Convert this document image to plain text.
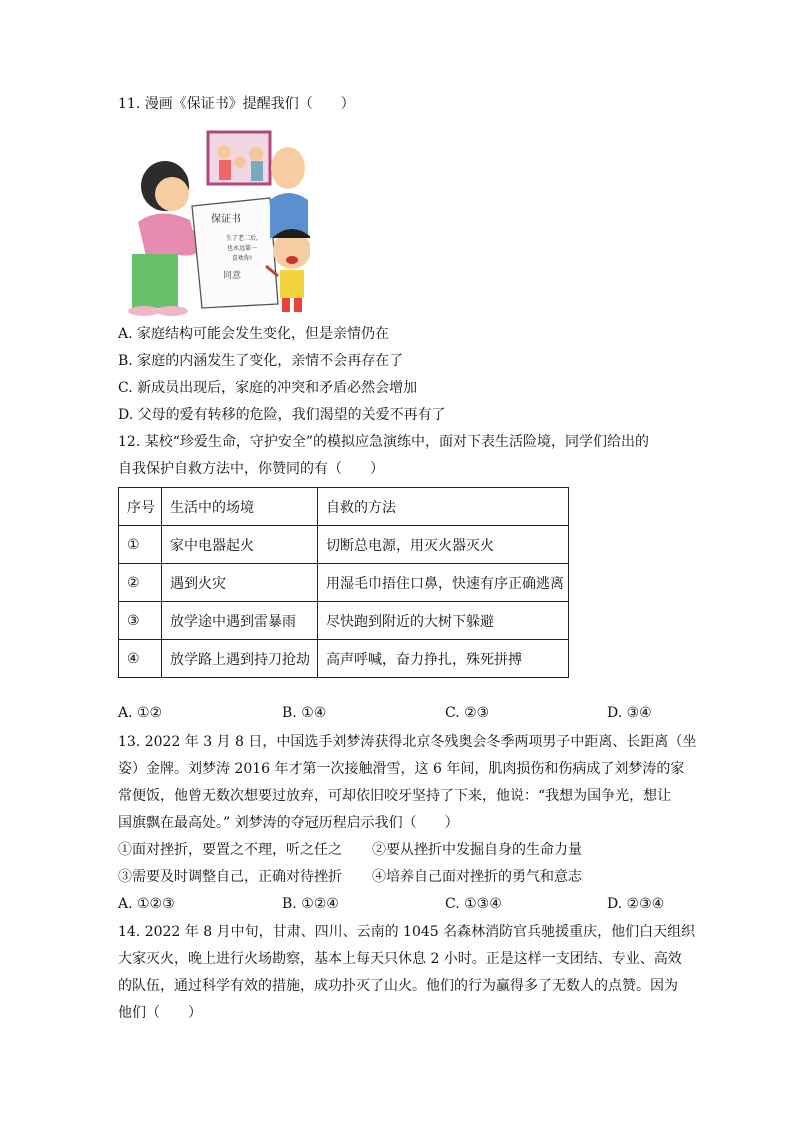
11. 漫画《保证书》提醒我们（　　）
保证书
生了老二后,
也永远第一
喜欢你!
同意
A. 家庭结构可能会发生变化，但是亲情仍在
B. 家庭的内涵发生了变化，亲情不会再存在了
C. 新成员出现后，家庭的冲突和矛盾必然会增加
D. 父母的爱有转移的危险，我们渴望的关爱不再有了
12. 某校“珍爱生命，守护安全”的模拟应急演练中，面对下表生活险境，同学们给出的
自我保护自救方法中，你赞同的有（　　）
序号	生活中的场境	自救的方法
①	家中电器起火	切断总电源，用灭火器灭火
②	遇到火灾	用湿毛巾捂住口鼻，快速有序正确逃离
③	放学途中遇到雷暴雨	尽快跑到附近的大树下躲避
④	放学路上遇到持刀抢劫	高声呼喊，奋力挣扎，殊死拼搏
A. ①②	B. ①④	C. ②③	D. ③④
13. 2022 年 3 月 8 日，中国选手刘梦涛获得北京冬残奥会冬季两项男子中距离、长距离（坐
姿）金牌。刘梦涛 2016 年才第一次接触滑雪，这 6 年间，肌肉损伤和伤病成了刘梦涛的家
常便饭，他曾无数次想要过放弃，可却依旧咬牙坚持了下来，他说：“我想为国争光，想让
国旗飘在最高处。” 刘梦涛的夺冠历程启示我们（　　）
①面对挫折，要置之不理，听之任之 ②要从挫折中发掘自身的生命力量
③需要及时调整自己，正确对待挫折 ④培养自己面对挫折的勇气和意志
A. ①②③	B. ①②④	C. ①③④	D. ②③④
14. 2022 年 8 月中旬，甘肃、四川、云南的 1045 名森林消防官兵驰援重庆，他们白天组织
大家灭火，晚上进行火场勘察，基本上每天只休息 2 小时。正是这样一支团结、专业、高效
的队伍，通过科学有效的措施，成功扑灭了山火。他们的行为赢得多了无数人的点赞。因为
他们（　　）
